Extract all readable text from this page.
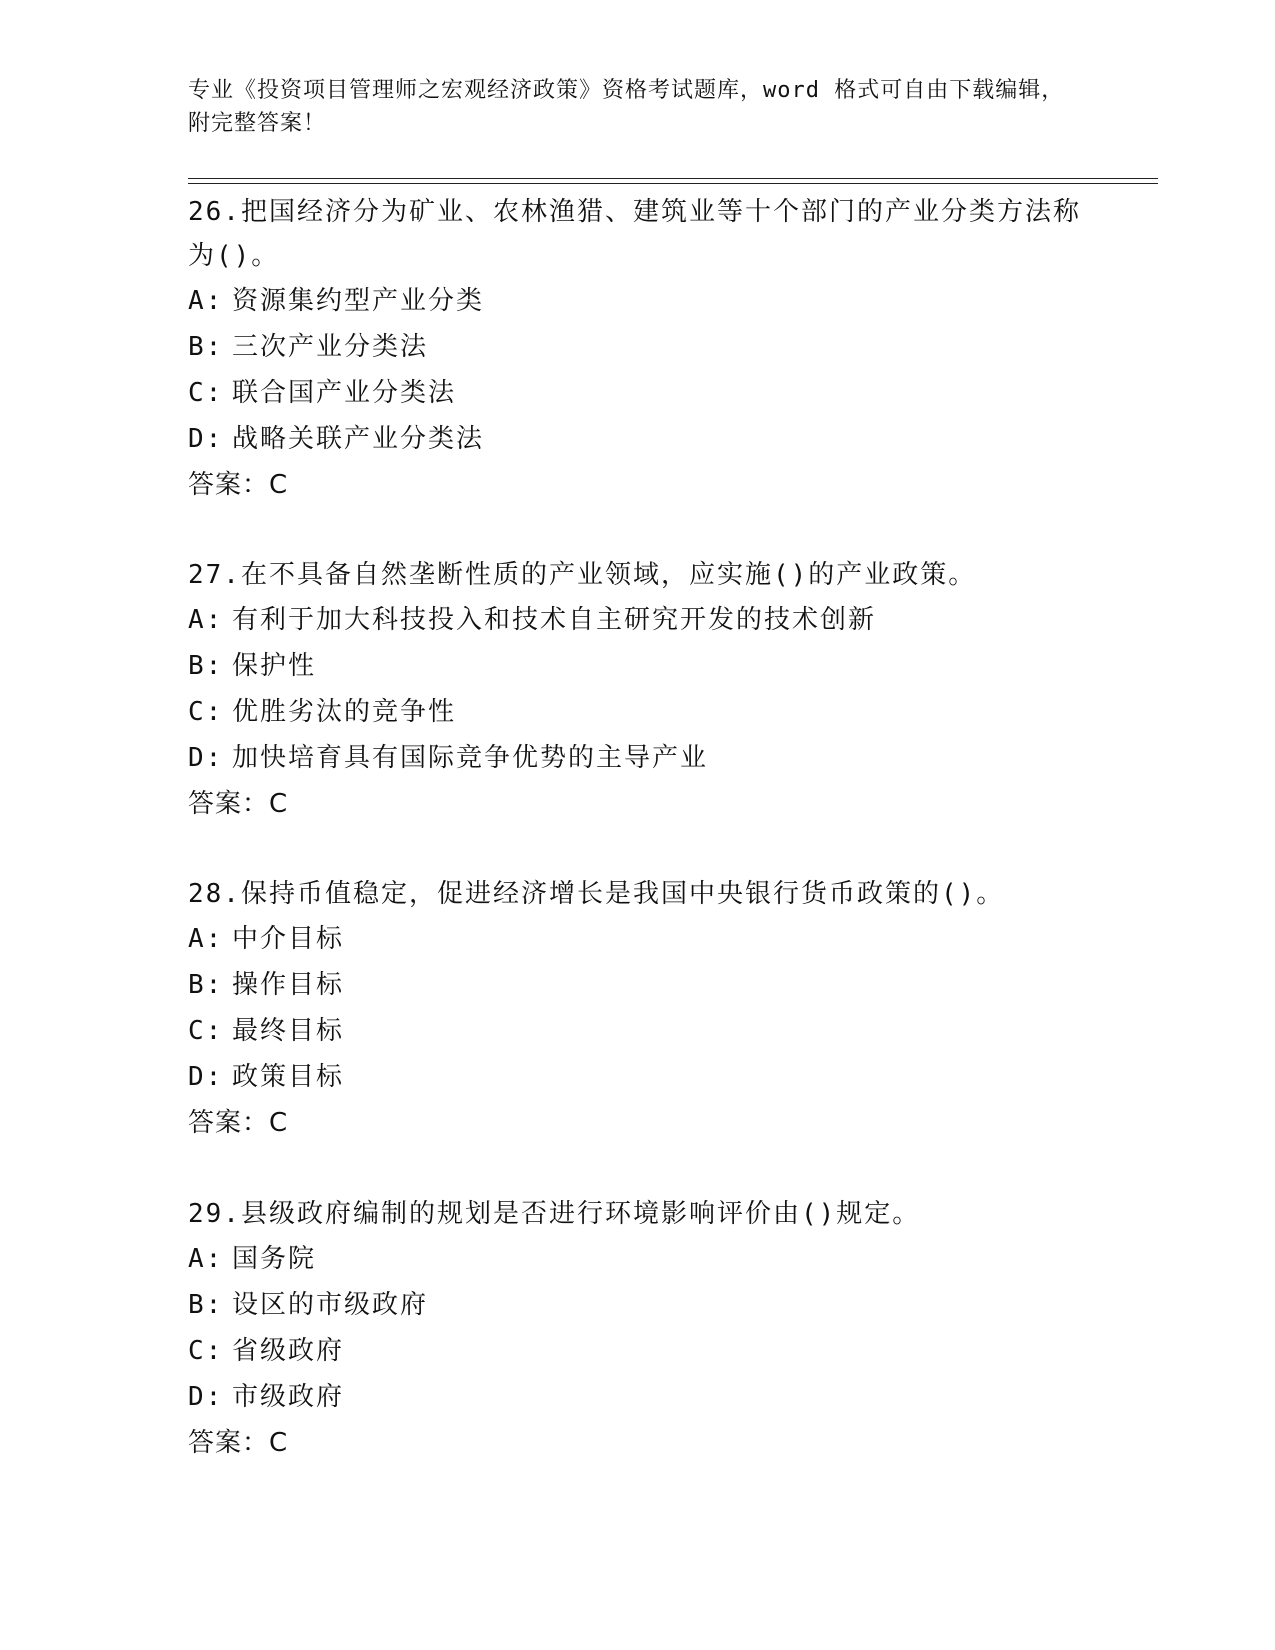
专业《投资项目管理师之宏观经济政策》资格考试题库，word 格式可自由下载编辑，附完整答案！

26.把国经济分为矿业、农林渔猎、建筑业等十个部门的产业分类方法称为()。

A: 资源集约型产业分类

B: 三次产业分类法

C: 联合国产业分类法

D: 战略关联产业分类法

答案：C

27.在不具备自然垄断性质的产业领域，应实施()的产业政策。

A: 有利于加大科技投入和技术自主研究开发的技术创新

B: 保护性

C: 优胜劣汰的竞争性

D: 加快培育具有国际竞争优势的主导产业

答案：C

28.保持币值稳定，促进经济增长是我国中央银行货币政策的()。

A: 中介目标

B: 操作目标

C: 最终目标

D: 政策目标

答案：C

29.县级政府编制的规划是否进行环境影响评价由()规定。

A: 国务院

B: 设区的市级政府

C: 省级政府

D: 市级政府

答案：C
